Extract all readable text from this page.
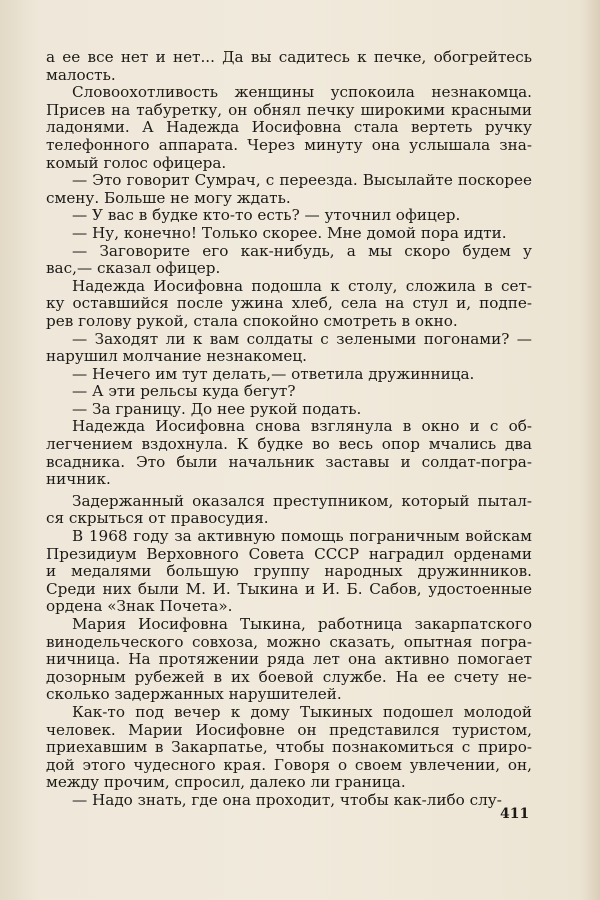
а ее все нет и нет... Да вы садитесь к печке, обогрейтесь
малость.
Словоохотливость женщины успокоила незнакомца.
Присев на табуретку, он обнял печку широкими красными
ладонями. А Надежда Иосифовна стала вертеть ручку
телефонного аппарата. Через минуту она услышала зна-
комый голос офицера.
— Это говорит Сумрач, с переезда. Высылайте поскорее
смену. Больше не могу ждать.
— У вас в будке кто-то есть? — уточнил офицер.
— Ну, конечно! Только скорее. Мне домой пора идти.
— Заговорите его как-нибудь, а мы скоро будем у
вас,— сказал офицер.
Надежда Иосифовна подошла к столу, сложила в сет-
ку оставшийся после ужина хлеб, села на стул и, подпе-
рев голову рукой, стала спокойно смотреть в окно.
— Заходят ли к вам солдаты с зелеными погонами? —
нарушил молчание незнакомец.
— Нечего им тут делать,— ответила дружинница.
— А эти рельсы куда бегут?
— За границу. До нее рукой подать.
Надежда Иосифовна снова взглянула в окно и с об-
легчением вздохнула. К будке во весь опор мчались два
всадника. Это были начальник заставы и солдат-погра-
ничник.
Задержанный оказался преступником, который пытал-
ся скрыться от правосудия.
В 1968 году за активную помощь пограничным войскам
Президиум Верховного Совета СССР наградил орденами
и медалями большую группу народных дружинников.
Среди них были М. И. Тыкина и И. Б. Сабов, удостоенные
ордена «Знак Почета».
Мария Иосифовна Тыкина, работница закарпатского
винодельческого совхоза, можно сказать, опытная погра-
ничница. На протяжении ряда лет она активно помогает
дозорным рубежей в их боевой службе. На ее счету не-
сколько задержанных нарушителей.
Как-то под вечер к дому Тыкиных подошел молодой
человек. Марии Иосифовне он представился туристом,
приехавшим в Закарпатье, чтобы познакомиться с приро-
дой этого чудесного края. Говоря о своем увлечении, он,
между прочим, спросил, далеко ли граница.
— Надо знать, где она проходит, чтобы как-либо слу-
411
